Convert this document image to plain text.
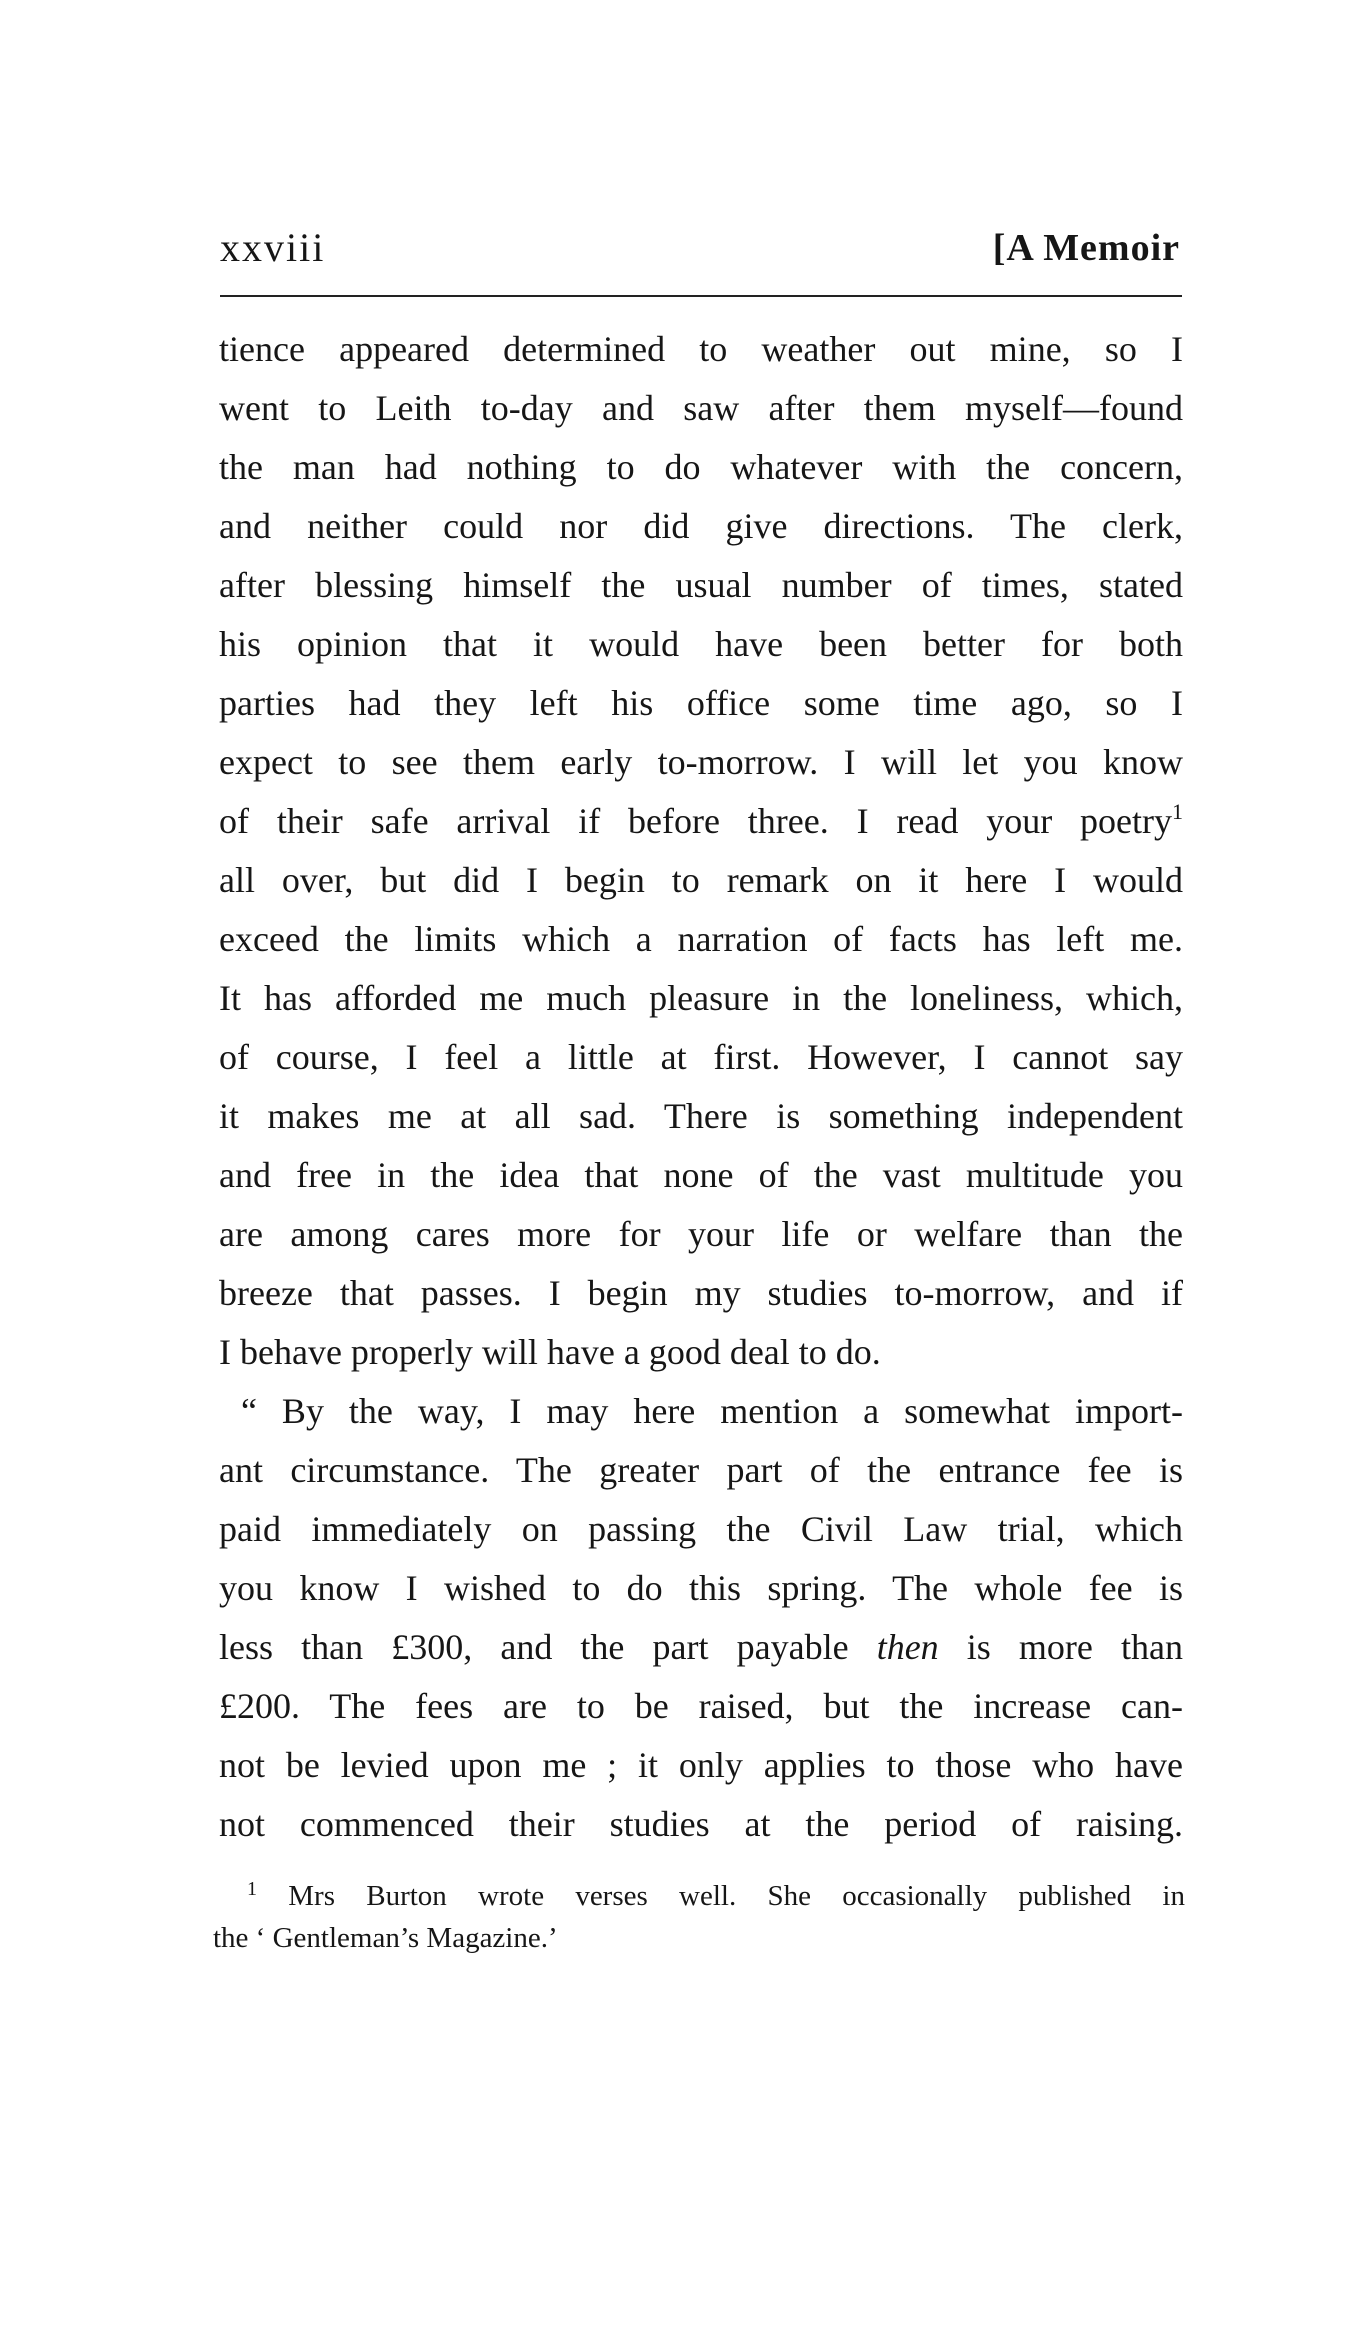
xxviii	[A Memoir
tience appeared determined to weather out mine, so I
went to Leith to-day and saw after them myself—found
the man had nothing to do whatever with the concern,
and neither could nor did give directions. The clerk,
after blessing himself the usual number of times, stated
his opinion that it would have been better for both
parties had they left his office some time ago, so I
expect to see them early to-morrow. I will let you know
of their safe arrival if before three. I read your poetry$^1$
all over, but did I begin to remark on it here I would
exceed the limits which a narration of facts has left me.
It has afforded me much pleasure in the loneliness, which,
of course, I feel a little at first. However, I cannot say
it makes me at all sad. There is something independent
and free in the idea that none of the vast multitude you
are among cares more for your life or welfare than the
breeze that passes. I begin my studies to-morrow, and if
I behave properly will have a good deal to do.
“ By the way, I may here mention a somewhat import-
ant circumstance. The greater part of the entrance fee is
paid immediately on passing the Civil Law trial, which
you know I wished to do this spring. The whole fee is
less than £300, and the part payable then is more than
£200. The fees are to be raised, but the increase can-
not be levied upon me ; it only applies to those who have
not commenced their studies at the period of raising.
$^1$ Mrs Burton wrote verses well. She occasionally published in
the ‘ Gentleman’s Magazine.’
